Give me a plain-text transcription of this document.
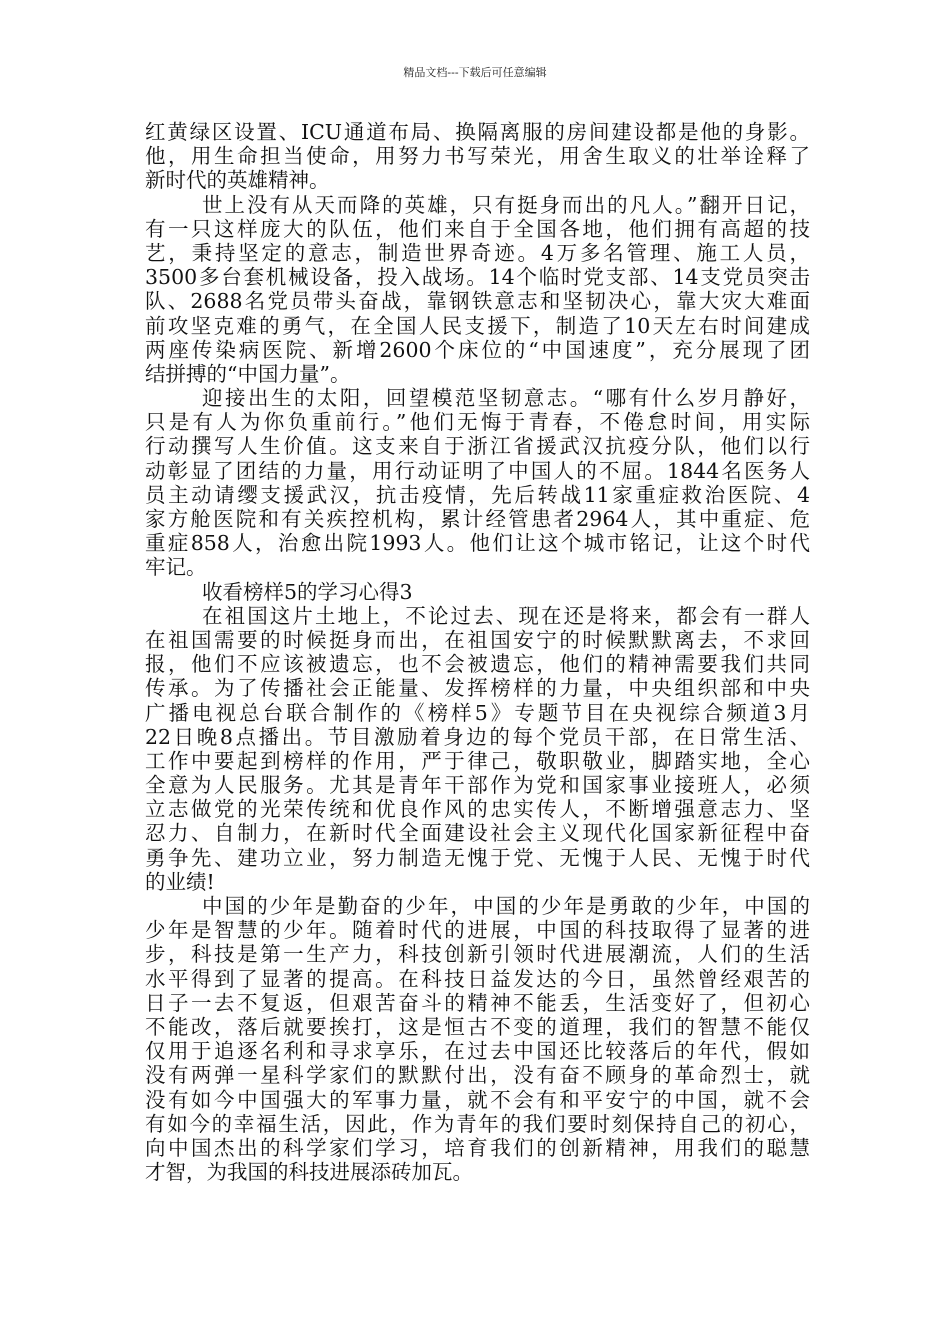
精品文档---下载后可任意编辑
红黄绿区设置、ICU通道布局、换隔离服的房间建设都是他的身影。
他，用生命担当使命，用努力书写荣光，用舍生取义的壮举诠释了
新时代的英雄精神。
世上没有从天而降的英雄，只有挺身而出的凡人。”翻开日记，
有一只这样庞大的队伍，他们来自于全国各地，他们拥有高超的技
艺，秉持坚定的意志，制造世界奇迹。4万多名管理、施工人员，
3500多台套机械设备，投入战场。14个临时党支部、14支党员突击
队、2688名党员带头奋战，靠钢铁意志和坚韧决心，靠大灾大难面
前攻坚克难的勇气，在全国人民支援下，制造了10天左右时间建成
两座传染病医院、新增2600个床位的“中国速度”，充分展现了团
结拼搏的“中国力量”。
迎接出生的太阳，回望模范坚韧意志。“哪有什么岁月静好，
只是有人为你负重前行。”他们无悔于青春，不倦怠时间，用实际
行动撰写人生价值。这支来自于浙江省援武汉抗疫分队，他们以行
动彰显了团结的力量，用行动证明了中国人的不屈。1844名医务人
员主动请缨支援武汉，抗击疫情，先后转战11家重症救治医院、4
家方舱医院和有关疾控机构，累计经管患者2964人，其中重症、危
重症858人，治愈出院1993人。他们让这个城市铭记，让这个时代
牢记。
收看榜样5的学习心得3
在祖国这片土地上，不论过去、现在还是将来，都会有一群人
在祖国需要的时候挺身而出，在祖国安宁的时候默默离去，不求回
报，他们不应该被遗忘，也不会被遗忘，他们的精神需要我们共同
传承。为了传播社会正能量、发挥榜样的力量，中央组织部和中央
广播电视总台联合制作的《榜样5》专题节目在央视综合频道3月
22日晚8点播出。节目激励着身边的每个党员干部，在日常生活、
工作中要起到榜样的作用，严于律己，敬职敬业，脚踏实地，全心
全意为人民服务。尤其是青年干部作为党和国家事业接班人，必须
立志做党的光荣传统和优良作风的忠实传人，不断增强意志力、坚
忍力、自制力，在新时代全面建设社会主义现代化国家新征程中奋
勇争先、建功立业，努力制造无愧于党、无愧于人民、无愧于时代
的业绩!
中国的少年是勤奋的少年，中国的少年是勇敢的少年，中国的
少年是智慧的少年。随着时代的进展，中国的科技取得了显著的进
步，科技是第一生产力，科技创新引领时代进展潮流，人们的生活
水平得到了显著的提高。在科技日益发达的今日，虽然曾经艰苦的
日子一去不复返，但艰苦奋斗的精神不能丢，生活变好了，但初心
不能改，落后就要挨打，这是恒古不变的道理，我们的智慧不能仅
仅用于追逐名利和寻求享乐，在过去中国还比较落后的年代，假如
没有两弹一星科学家们的默默付出，没有奋不顾身的革命烈士，就
没有如今中国强大的军事力量，就不会有和平安宁的中国，就不会
有如今的幸福生活，因此，作为青年的我们要时刻保持自己的初心，
向中国杰出的科学家们学习，培育我们的创新精神，用我们的聪慧
才智，为我国的科技进展添砖加瓦。
